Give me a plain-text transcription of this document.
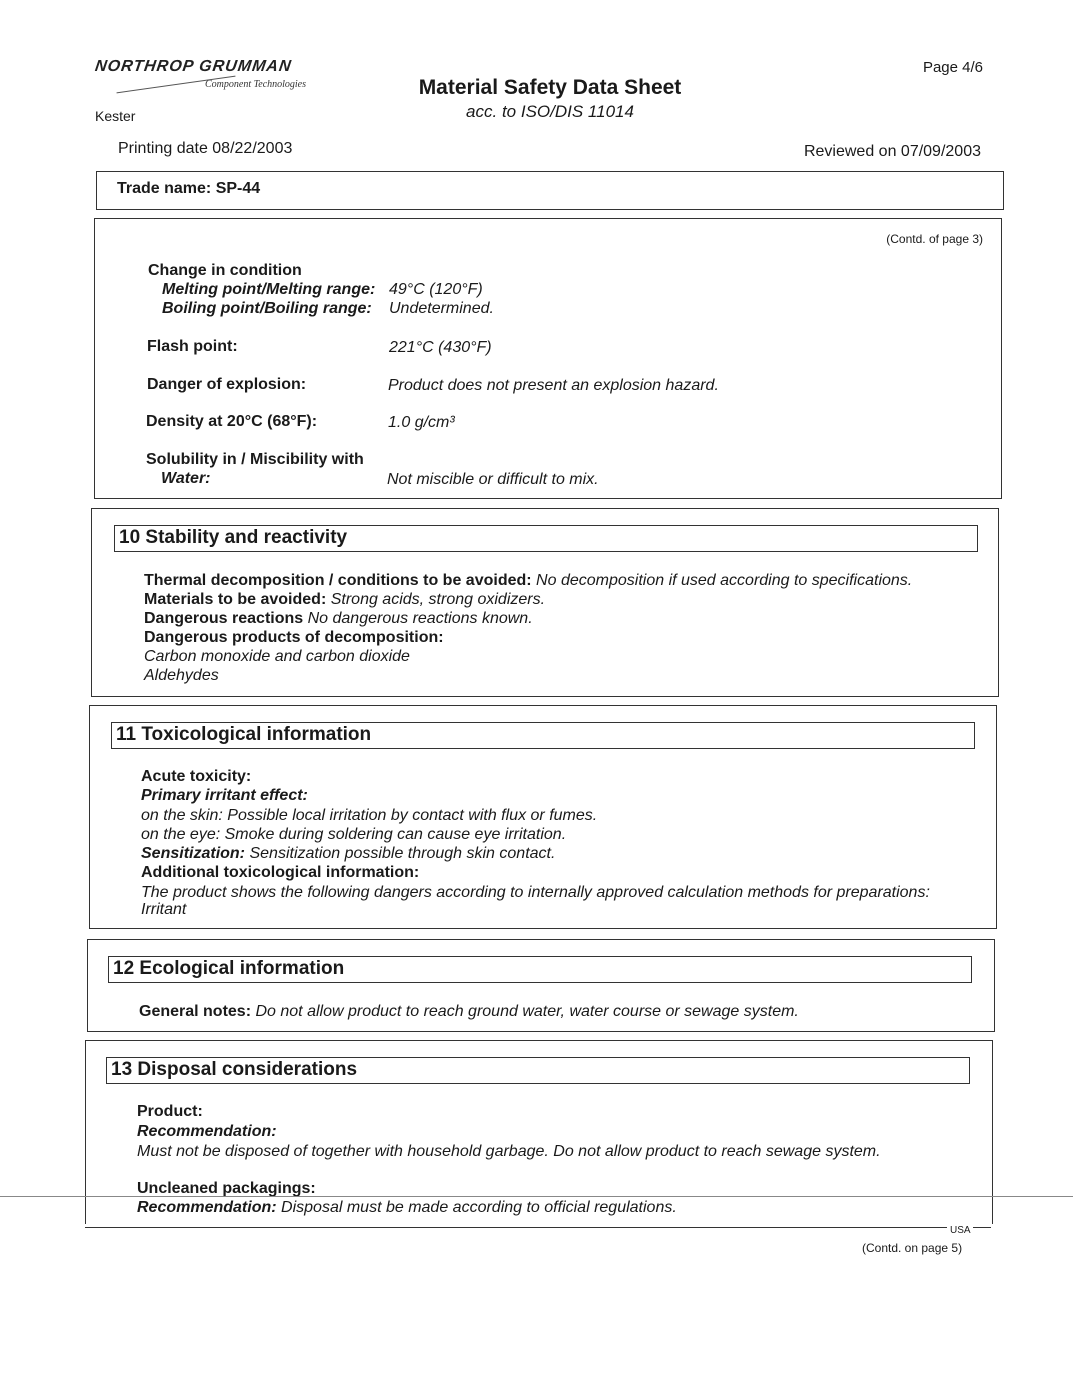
NORTHROP GRUMMAN
Component Technologies
Kester
Material Safety Data Sheet
acc. to ISO/DIS 11014
Page 4/6
Printing date 08/22/2003	Reviewed on 07/09/2003
Trade name: SP-44
(Contd. of page 3)
Change in condition
Melting point/Melting range: 49°C (120°F)
Boiling point/Boiling range: Undetermined.
Flash point:	221°C (430°F)
Danger of explosion:	Product does not present an explosion hazard.
Density at 20°C (68°F):	1.0 g/cm³
Solubility in / Miscibility with
Water:	Not miscible or difficult to mix.
10 Stability and reactivity
Thermal decomposition / conditions to be avoided: No decomposition if used according to specifications.
Materials to be avoided: Strong acids, strong oxidizers.
Dangerous reactions No dangerous reactions known.
Dangerous products of decomposition:
Carbon monoxide and carbon dioxide
Aldehydes
11 Toxicological information
Acute toxicity:
Primary irritant effect:
on the skin: Possible local irritation by contact with flux or fumes.
on the eye: Smoke during soldering can cause eye irritation.
Sensitization: Sensitization possible through skin contact.
Additional toxicological information:
The product shows the following dangers according to internally approved calculation methods for preparations:
Irritant
12 Ecological information
General notes: Do not allow product to reach ground water, water course or sewage system.
13 Disposal considerations
Product:
Recommendation:
Must not be disposed of together with household garbage. Do not allow product to reach sewage system.
Uncleaned packagings:
Recommendation: Disposal must be made according to official regulations.
USA
(Contd. on page 5)
